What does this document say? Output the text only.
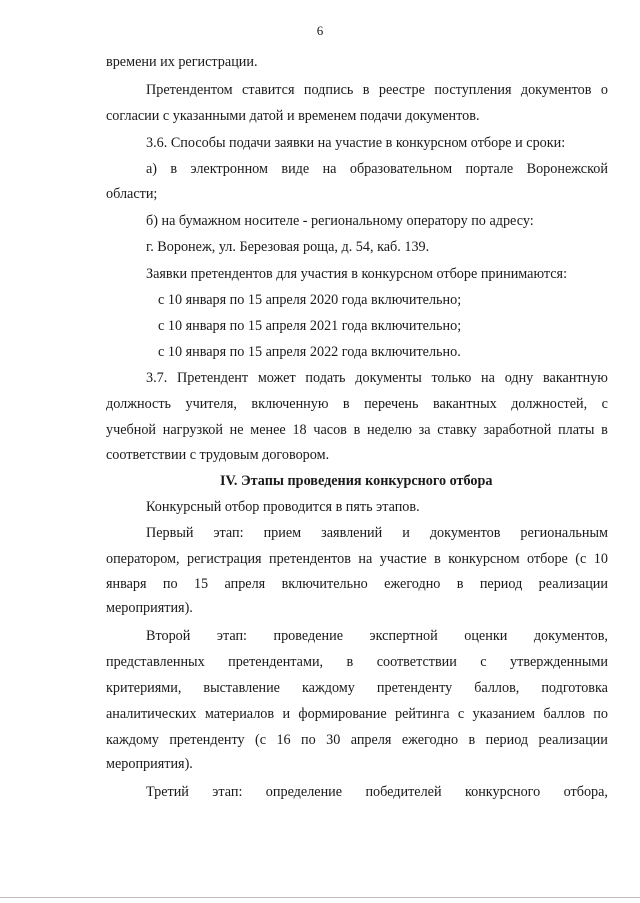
6
времени их регистрации.
Претендентом ставится подпись в реестре поступления документов о
согласии с указанными датой и временем подачи документов.
3.6. Способы подачи заявки на участие в конкурсном отборе и сроки:
а) в электронном виде на образовательном портале Воронежской
области;
б) на бумажном носителе - региональному оператору по адресу:
г. Воронеж, ул. Березовая роща, д. 54, каб. 139.
Заявки претендентов для участия в конкурсном отборе принимаются:
с 10 января по 15 апреля 2020 года включительно;
с 10 января по 15 апреля 2021 года включительно;
с 10 января по 15 апреля 2022 года включительно.
3.7. Претендент может подать документы только на одну вакантную
должность учителя, включенную в перечень вакантных должностей, с
учебной нагрузкой не менее 18 часов в неделю за ставку заработной платы в
соответствии с трудовым договором.
IV. Этапы проведения конкурсного отбора
Конкурсный отбор проводится в пять этапов.
Первый этап: прием заявлений и документов региональным
оператором, регистрация претендентов на участие в конкурсном отборе (с 10
января по 15 апреля включительно ежегодно в период реализации
мероприятия).
Второй этап: проведение экспертной оценки документов,
представленных претендентами, в соответствии с утвержденными
критериями, выставление каждому претенденту баллов, подготовка
аналитических материалов и формирование рейтинга с указанием баллов по
каждому претенденту (с 16 по 30 апреля ежегодно в период реализации
мероприятия).
Третий этап: определение победителей конкурсного отбора,
